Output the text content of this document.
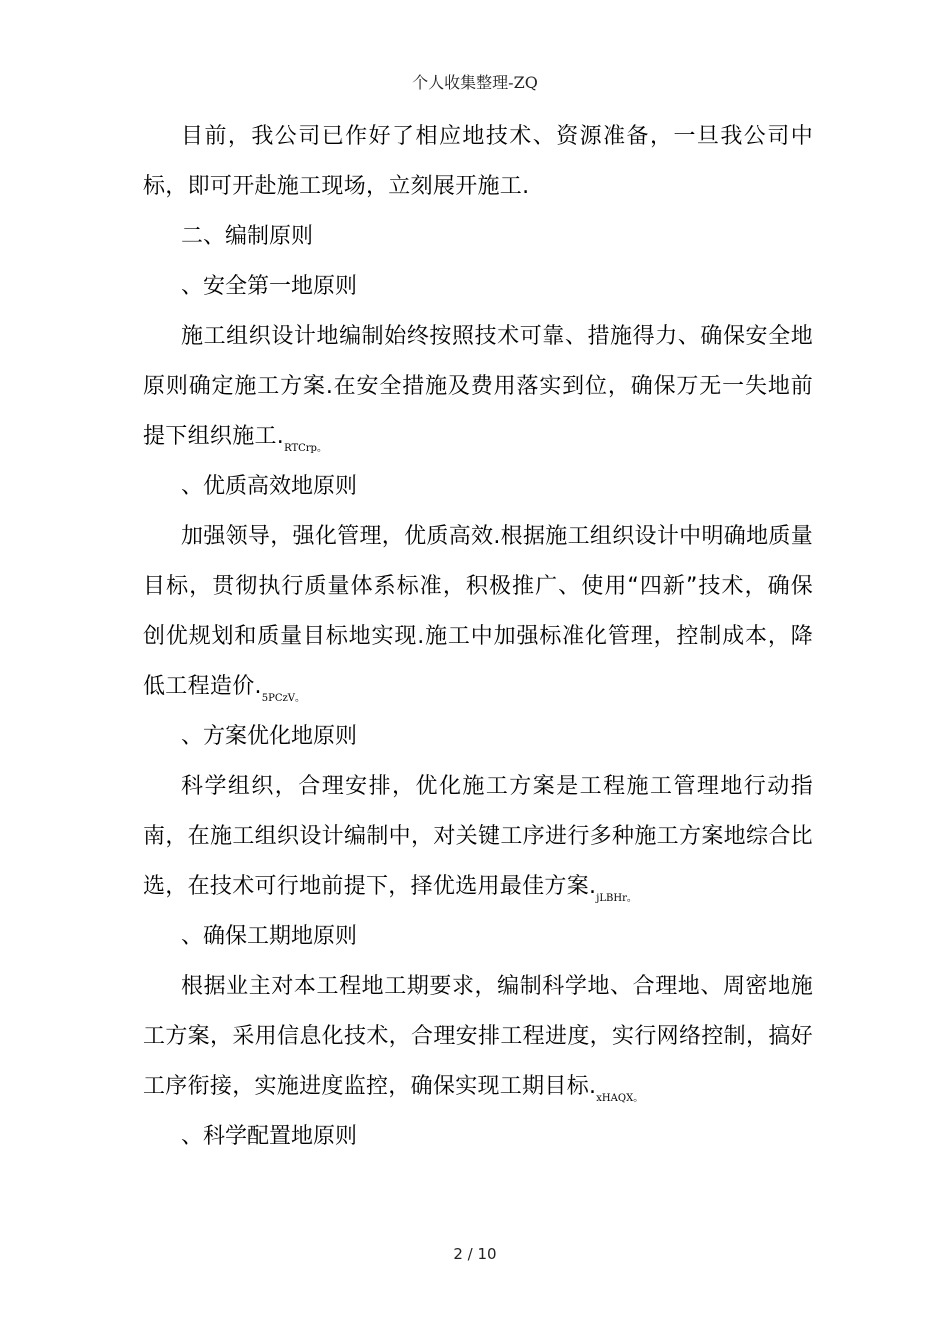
个人收集整理-ZQ

目前，我公司已作好了相应地技术、资源准备，一旦我公司中标，即可开赴施工现场，立刻展开施工.

二、编制原则

、安全第一地原则

施工组织设计地编制始终按照技术可靠、措施得力、确保安全地原则确定施工方案.在安全措施及费用落实到位，确保万无一失地前提下组织施工$._{RTCrp。}$

、优质高效地原则

加强领导，强化管理，优质高效.根据施工组织设计中明确地质量目标，贯彻执行质量体系标准，积极推广、使用“四新”技术，确保创优规划和质量目标地实现.施工中加强标准化管理，控制成本，降低工程造价$._{5PCzV。}$

、方案优化地原则

科学组织，合理安排，优化施工方案是工程施工管理地行动指南，在施工组织设计编制中，对关键工序进行多种施工方案地综合比选，在技术可行地前提下，择优选用最佳方案$._{jLBHr。}$

、确保工期地原则

根据业主对本工程地工期要求，编制科学地、合理地、周密地施工方案，采用信息化技术，合理安排工程进度，实行网络控制，搞好工序衔接，实施进度监控，确保实现工期目标$._{xHAQX。}$

、科学配置地原则

2 / 10
